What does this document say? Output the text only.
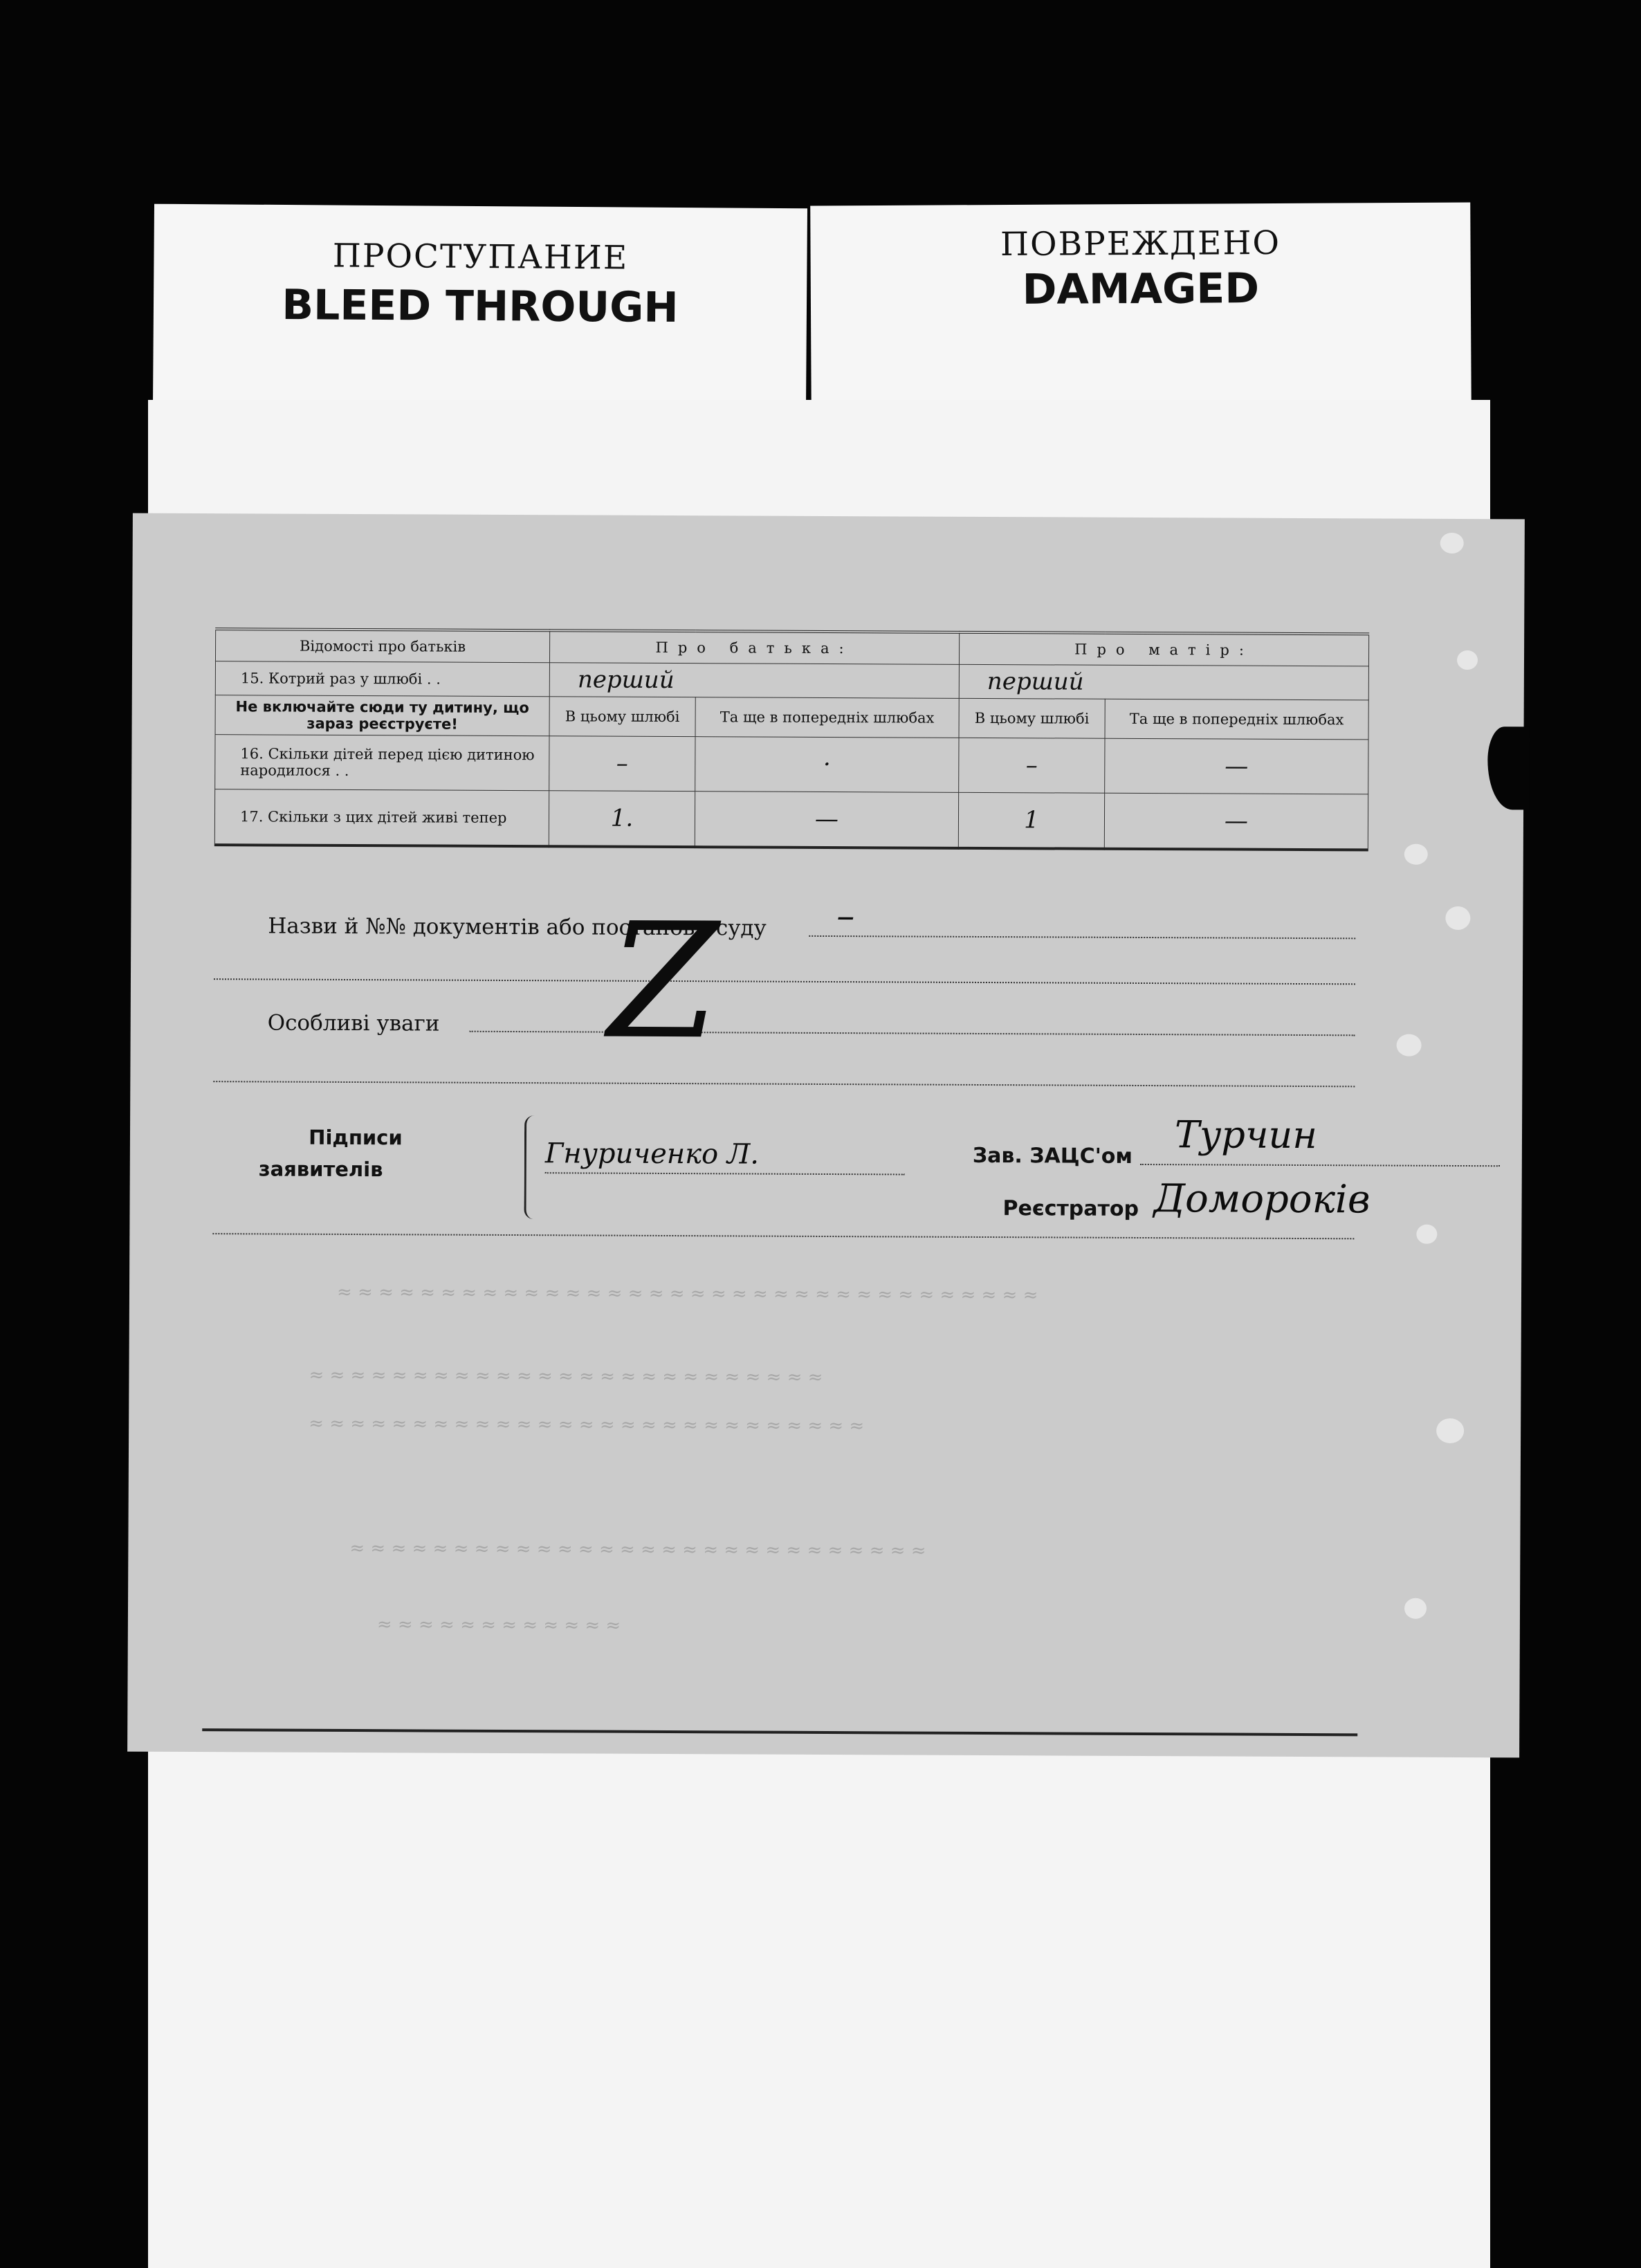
ПРОСТУПАНИЕ
BLEED THROUGH
ПОВРЕЖДЕНО
DAMAGED
≈ ≈ ≈ ≈ ≈ ≈ ≈ ≈ ≈ ≈ ≈ ≈ ≈ ≈ ≈ ≈ ≈ ≈ ≈ ≈ ≈ ≈ ≈ ≈ ≈ ≈ ≈ ≈ ≈ ≈ ≈ ≈ ≈ ≈
≈ ≈ ≈ ≈ ≈ ≈ ≈ ≈ ≈ ≈ ≈ ≈ ≈ ≈ ≈ ≈ ≈ ≈ ≈ ≈ ≈ ≈ ≈ ≈ ≈
≈ ≈ ≈ ≈ ≈ ≈ ≈ ≈ ≈ ≈ ≈ ≈ ≈ ≈ ≈ ≈ ≈ ≈ ≈ ≈ ≈ ≈ ≈ ≈ ≈ ≈ ≈
≈ ≈ ≈ ≈ ≈ ≈ ≈ ≈ ≈ ≈ ≈ ≈ ≈ ≈ ≈ ≈ ≈ ≈ ≈ ≈ ≈ ≈ ≈ ≈ ≈ ≈ ≈ ≈
≈ ≈ ≈ ≈ ≈ ≈ ≈ ≈ ≈ ≈ ≈ ≈
Відомості про батьків	Про батька:		Про матір:	
15. Котрий раз у шлюбі . .	перший		перший	
Не включайте сюди ту дитину, що зараз реєструєте!	В цьому шлюбі	Та ще в попередніх шлюбах	В цьому шлюбі	Та ще в попередніх шлюбах
16. Скільки дітей перед цією дитиною народилося . .	–	·	–	—
17. Скільки з цих дітей живі тепер	1.	—	1	—
Назви й №№ документів або постанови суду –
Особливі уваги Z
Підписи
заявителів	Гнуриченко Л.	Зав. ЗАЦС'ом Турчин
Реєстратор Домороків
